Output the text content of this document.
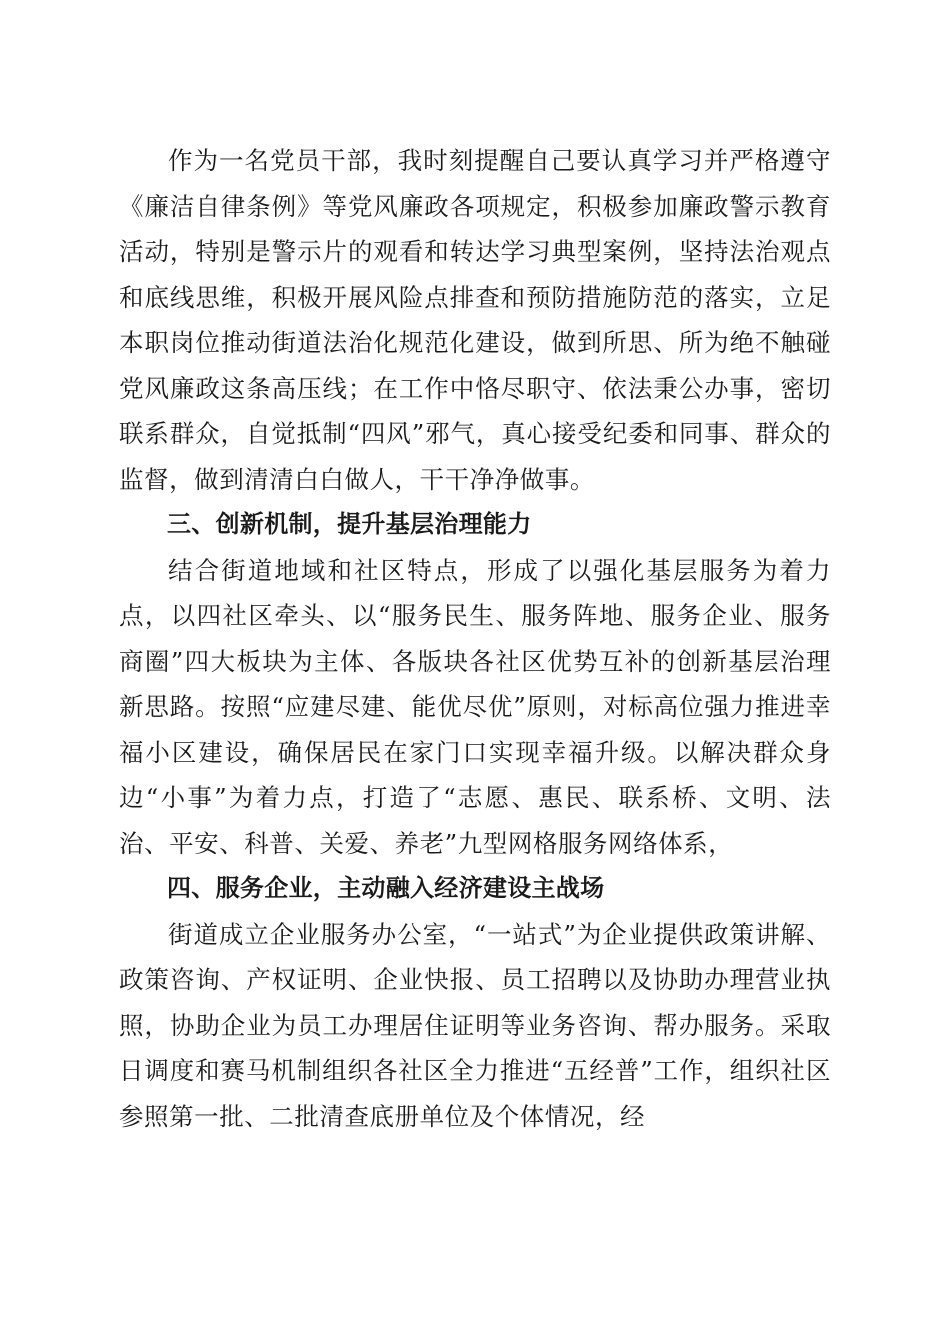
作为一名党员干部，我时刻提醒自己要认真学习并严格遵守《廉洁自律条例》等党风廉政各项规定，积极参加廉政警示教育活动，特别是警示片的观看和转达学习典型案例，坚持法治观点和底线思维，积极开展风险点排查和预防措施防范的落实，立足本职岗位推动街道法治化规范化建设，做到所思、所为绝不触碰党风廉政这条高压线；在工作中恪尽职守、依法秉公办事，密切联系群众，自觉抵制“四风”邪气，真心接受纪委和同事、群众的监督，做到清清白白做人，干干净净做事。

三、创新机制，提升基层治理能力

结合街道地域和社区特点，形成了以强化基层服务为着力点，以四社区牵头、以“服务民生、服务阵地、服务企业、服务商圈”四大板块为主体、各版块各社区优势互补的创新基层治理新思路。按照“应建尽建、能优尽优”原则，对标高位强力推进幸福小区建设，确保居民在家门口实现幸福升级。以解决群众身边“小事”为着力点，打造了“志愿、惠民、联系桥、文明、法治、平安、科普、关爱、养老”九型网格服务网络体系，

四、服务企业，主动融入经济建设主战场

街道成立企业服务办公室，“一站式”为企业提供政策讲解、政策咨询、产权证明、企业快报、员工招聘以及协助办理营业执照，协助企业为员工办理居住证明等业务咨询、帮办服务。采取日调度和赛马机制组织各社区全力推进“五经普”工作，组织社区参照第一批、二批清查底册单位及个体情况，经
